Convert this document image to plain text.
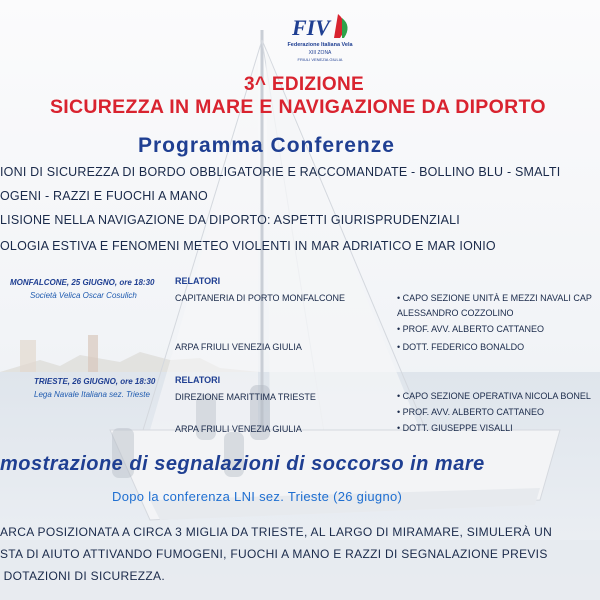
FIV
Federazione Italiana Vela
XIII ZONA
FRIULI VENEZIA GIULIA
3^ EDIZIONE
SICUREZZA IN MARE E NAVIGAZIONE DA DIPORTO
Programma Conferenze
IONI DI SICUREZZA DI BORDO OBBLIGATORIE E RACCOMANDATE - BOLLINO BLU - SMALTI
OGENI - RAZZI E FUOCHI A MANO
LISIONE NELLA NAVIGAZIONE DA DIPORTO: ASPETTI GIURISPRUDENZIALI
OLOGIA ESTIVA E FENOMENI METEO VIOLENTI IN MAR ADRIATICO E MAR IONIO
MONFALCONE, 25 GIUGNO, ore 18:30
Società Velica Oscar Cosulich
RELATORI
CAPITANERIA DI PORTO MONFALCONE
ARPA FRIULI VENEZIA GIULIA
• CAPO SEZIONE UNITÀ E MEZZI NAVALI CAP
ALESSANDRO COZZOLINO
• PROF. AVV. ALBERTO CATTANEO
• DOTT. FEDERICO BONALDO
TRIESTE, 26 GIUGNO, ore 18:30
Lega Navale Italiana sez. Trieste
RELATORI
DIREZIONE MARITTIMA TRIESTE
ARPA FRIULI VENEZIA GIULIA
• CAPO SEZIONE OPERATIVA NICOLA BONEL
• PROF. AVV. ALBERTO CATTANEO
• DOTT. GIUSEPPE VISALLI
mostrazione di segnalazioni di soccorso in mare
Dopo la conferenza LNI sez. Trieste (26 giugno)
ARCA POSIZIONATA A CIRCA 3 MIGLIA DA TRIESTE, AL LARGO DI MIRAMARE, SIMULERÀ UN
STA DI AIUTO ATTIVANDO FUMOGENI, FUOCHI A MANO E RAZZI DI SEGNALAZIONE PREVIS
DOTAZIONI DI SICUREZZA.
